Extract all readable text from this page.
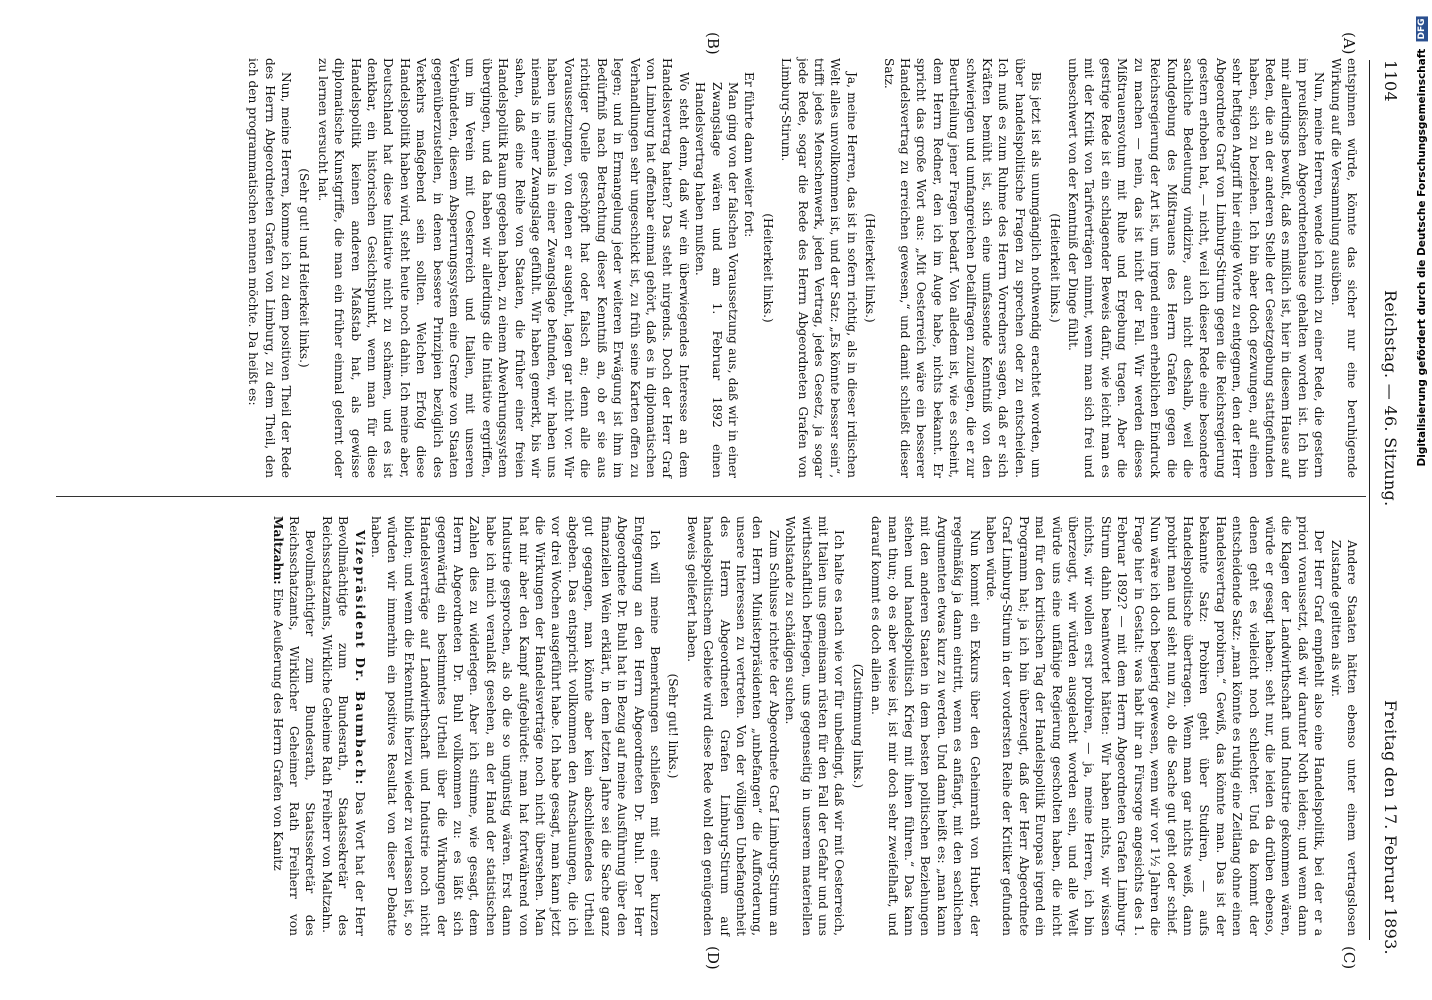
(A)
(B)
(C)
(D)
1104
Reichstag. — 46. Sitzung.
Freitag den 17. Februar 1893.

entspinnen würde, könnte das sicher nur eine beruhigende Wirkung auf die Versammlung ausüben.

Nun, meine Herren, wende ich mich zu einer Rede, die gestern im preußischen Abgeordnetenhause gehalten worden ist. Ich bin mir allerdings bewußt, daß es mißlich ist, hier in diesem Hause auf Reden, die an der anderen Stelle der Gesetzgebung stattgefunden haben, sich zu beziehen. Ich bin aber doch gezwungen, auf einen sehr heftigen Angriff hier einige Worte zu entgegnen, den der Herr Abgeordnete Graf von Limburg-Stirum gegen die Reichsregierung gestern erhoben hat, — nicht, weil ich dieser Rede eine besondere sachliche Bedeutung vindizire, auch nicht deshalb, weil die Kundgebung des Mißtrauens des Herrn Grafen gegen die Reichsregierung der Art ist, um irgend einen erheblichen Eindruck zu machen — nein, das ist nicht der Fall. Wir werden dieses Mißtrauensvotum mit Ruhe und Ergebung tragen. Aber die gestrige Rede ist ein schlagender Beweis dafür, wie leicht man es mit der Kritik von Tarifverträgen nimmt, wenn man sich frei und unbeschwert von der Kenntniß der Dinge fühlt.

(Heiterkeit links.)

Bis jetzt ist als unumgänglich nothwendig erachtet worden, um über handelspolitische Fragen zu sprechen oder zu entscheiden. Ich muß es zum Ruhme des Herrn Vorredners sagen, daß er sich Kräften bemüht ist, sich eine umfassende Kenntniß von den schwierigen und umfangreichen Detailfragen zuzulegen, die er zur Beurtheilung jener Fragen bedarf. Von alledem ist, wie es scheint, dem Herrn Redner, den ich im Auge habe, nichts bekannt. Er spricht das große Wort aus: „Mit Oesterreich wäre ein besserer Handelsvertrag zu erreichen gewesen,“ und damit schließt dieser Satz.

(Heiterkeit links.)

Ja, meine Herren, das ist in sofern richtig, als in dieser irdischen Welt alles unvollkommen ist, und der Satz: „Es könnte besser sein“, trifft jedes Menschenwerk, jeden Vertrag, jedes Gesetz, ja sogar jede Rede, sogar die Rede des Herrn Abgeordneten Grafen von Limburg-Stirum.

(Heiterkeit links.)

Er führte dann weiter fort:

Man ging von der falschen Voraussetzung aus, daß wir in einer Zwangslage wären und am 1. Februar 1892 einen Handelsvertrag haben mußten.

Wo steht denn, daß wir ein überwiegendes Interesse an dem Handelsvertrag hatten? Das steht nirgends. Doch der Herr Graf von Limburg hat offenbar einmal gehört, daß es in diplomatischen Verhandlungen sehr ungeschickt ist, zu früh seine Karten offen zu legen; und in Ermangelung jeder weiteren Erwägung ist ihm im Bedürfniß nach Betrachtung dieser Kenntniß an, ob er sie aus richtiger Quelle geschöpft hat oder falsch an; denn alle die Voraussetzungen, von denen er ausgeht, lagen gar nicht vor. Wir haben uns niemals in einer Zwangslage befunden, wir haben uns niemals in einer Zwangslage gefühlt. Wir haben gemerkt, bis wir sahen, daß eine Reihe von Staaten, die früher einer freien Handelspolitik Raum gegeben haben, zu einem Abwehrungssystem übergingen, und da haben wir allerdings die Initiative ergriffen, um im Verein mit Oesterreich und Italien, mit unseren Verbündeten, diesem Absperrungssystem eine Grenze von Staaten gegenüberzustellen, in denen bessere Prinzipien bezüglich des Verkehrs maßgebend sein sollten. Welchen Erfolg diese Handelspolitik haben wird, steht heute noch dahin. Ich meine aber, Deutschland hat diese Initiative nicht zu schämen, und es ist denkbar, ein historischen Gesichtspunkt, wenn man für diese Handelspolitik keinen anderen Maßstab hat, als gewisse diplomatische Kunstgriffe, die man ein früher einmal gelernt oder zu lernen versucht hat.

(Sehr gut! und Heiterkeit links.)

Nun, meine Herren, komme ich zu dem positiven Theil der Rede des Herrn Abgeordneten Grafen von Limburg, zu dem Theil, den ich den programmatischen nennen möchte. Da heißt es:

Andere Staaten hätten ebenso unter einem vertragslosen Zustande gelitten als wir.

Der Herr Graf empfiehlt also eine Handelspolitik, bei der er a priori voraussetzt, daß wir darunter Noth leiden; und wenn dann die Klagen der Landwirthschaft und Industrie gekommen wären, würde er gesagt haben: seht nur, die leiden da drüben ebenso, denen geht es vielleicht noch schlechter. Und da kommt der entscheidende Satz: „man könnte es ruhig eine Zeitlang ohne einen Handelsvertrag probiren.“ Gewiß, das könnte man. Das ist der bekannte Satz: Probiren geht über Studiren, — aufs Handelspolitische übertragen. Wenn man gar nichts weiß, dann probirt man und sieht nun zu, ob die Sache gut geht oder schief. Nun wäre ich doch begierig gewesen, wenn wir vor 1½ Jahren die Frage hier in Gestalt: was habt ihr an Fürsorge angesichts des 1. Februar 1892? — mit dem Herrn Abgeordneten Grafen Limburg-Stirum dahin beantwortet hätten: Wir haben nichts, wir wissen nichts, wir wollen erst probiren, — ja, meine Herren, ich bin überzeugt, wir würden ausgelacht worden sein, und alle Welt würde uns eine unfähige Regierung gescholten haben, die nicht mal für den kritischen Tag der Handelspolitik Europas irgend ein Programm hat; ja ich bin überzeugt, daß der Herr Abgeordnete Graf Limburg-Stirum in der vordersten Reihe der Kritiker gefunden haben würde.

Nun kommt ein Exkurs über den Geheimrath von Huber, der regelmäßig ja dann eintritt, wenn es anfängt, mit den sachlichen Argumenten etwas kurz zu werden. Und dann heißt es: „man kann mit den anderen Staaten in dem besten politischen Beziehungen stehen und handelspolitisch Krieg mit ihnen führen.“ Das kann man thun; ob es aber weise ist, ist mir doch sehr zweifelhaft, und darauf kommt es doch allein an.

(Zustimmung links.)

Ich halte es nach wie vor für unbedingt, daß wir mit Oesterreich, mit Italien uns gemeinsam rüsten für den Fall der Gefahr und uns wirthschaftlich befriegen, uns gegenseitig in unserem materiellen Wohlstande zu schädigen suchen.

Zum Schlusse richtete der Abgeordnete Graf Limburg-Stirum an den Herrn Ministerpräsidenten „unbefangen“ die Aufforderung, unsere Interessen zu vertreten. Von der völligen Unbefangenheit des Herrn Abgeordneten Grafen Limburg-Stirum auf handelspolitischem Gebiete wird diese Rede wohl den genügenden Beweis geliefert haben.

(Sehr gut! links.)

Ich will meine Bemerkungen schließen mit einer kurzen Entgegnung an den Herrn Abgeordneten Dr. Buhl. Der Herr Abgeordnete Dr. Buhl hat in Bezug auf meine Ausführung über den finanziellen Wein erklärt, in dem letzten Jahre sei die Sache ganz gut gegangen, man könnte aber kein abschließendes Urtheil abgeben. Das entspricht vollkommen den Anschauungen, die ich vor drei Wochen ausgeführt habe. Ich habe gesagt, man kann jetzt die Wirkungen der Handelsverträge noch nicht übersehen. Man hat mir aber den Kampf aufgebürdet: man hat fortwährend von Industrie gesprochen, als ob die so ungünstig wären. Erst dann habe ich mich veranlaßt gesehen, an der Hand der statistischen Zahlen dies zu widerlegen. Aber ich stimme, wie gesagt, dem Herrn Abgeordneten Dr. Buhl vollkommen zu: es läßt sich gegenwärtig ein bestimmtes Urtheil über die Wirkungen der Handelsverträge auf Landwirthschaft und Industrie noch nicht bilden; und wenn die Erkenntniß hierzu wieder zu verlassen ist, so würden wir immerhin ein positives Resultat von dieser Debatte haben.

Vizepräsident Dr. Baumbach: Das Wort hat der Herr Bevollmächtigte zum Bundesrath, Staatssekretär des Reichsschatzamts, Wirkliche Geheime Rath Freiherr von Maltzahn.

Bevollmächtigter zum Bundesrath, Staatssekretär des Reichsschatzamts, Wirklicher Geheimer Rath Freiherr von Maltzahn: Eine Aeußerung des Herrn Grafen von Kanitz

Digitalisierung gefördert durch die Deutsche Forschungsgemeinschaft DFG
